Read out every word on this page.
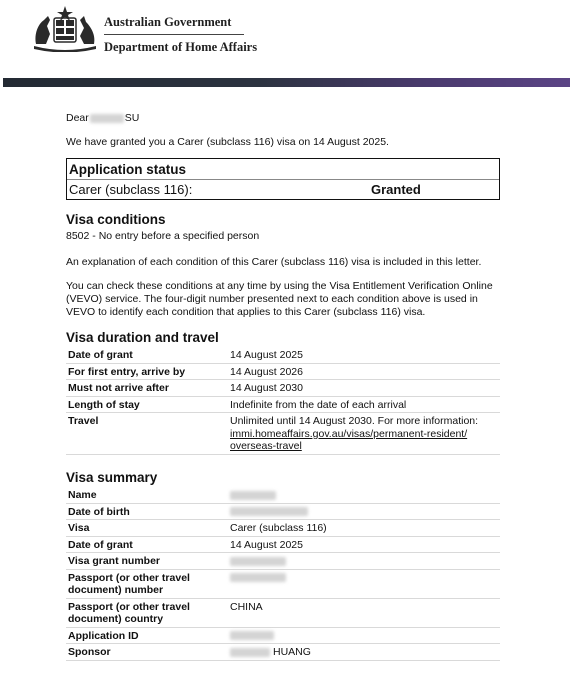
Australian Government
Department of Home Affairs
Dear	SU

We have granted you a Carer (subclass 116) visa on 14 August 2025.

Application status
Carer (subclass 116):	Granted
Visa conditions

8502 - No entry before a specified person

An explanation of each condition of this Carer (subclass 116) visa is included in this letter.

You can check these conditions at any time by using the Visa Entitlement Verification Online (VEVO) service. The four-digit number presented next to each condition above is used in VEVO to identify each condition that applies to this Carer (subclass 116) visa.

Visa duration and travel
Date of grant	14 August 2025
For first entry, arrive by	14 August 2026
Must not arrive after	14 August 2030
Length of stay	Indefinite from the date of each arrival
Travel	Unlimited until 14 August 2030. For more information:
immi.homeaffairs.gov.au/visas/permanent-resident/
overseas-travel
Visa summary
Name	
Date of birth	
Visa	Carer (subclass 116)
Date of grant	14 August 2025
Visa grant number	
Passport (or other travel document) number	
Passport (or other travel document) country	CHINA
Application ID	
Sponsor	HUANG
